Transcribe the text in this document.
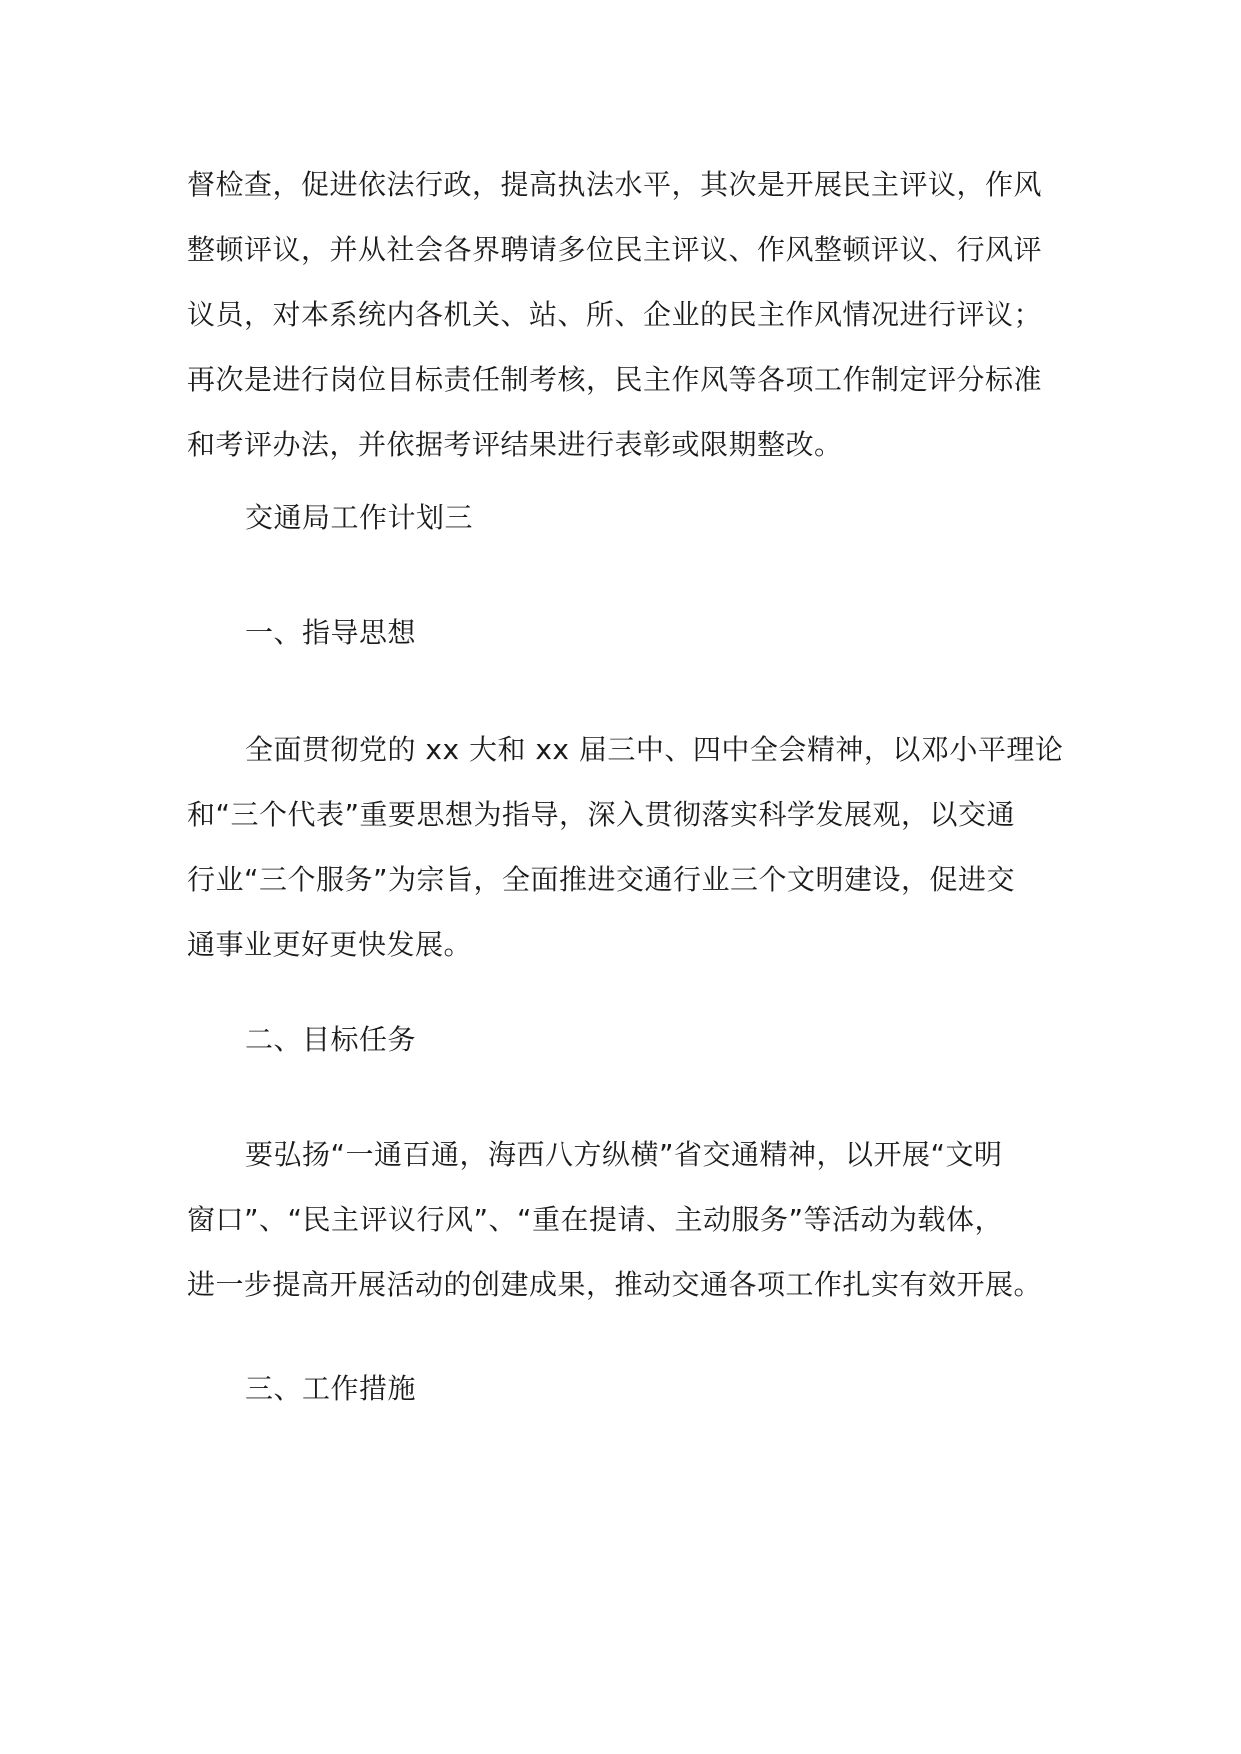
督检查，促进依法行政，提高执法水平，其次是开展民主评议，作风
整顿评议，并从社会各界聘请多位民主评议、作风整顿评议、行风评
议员，对本系统内各机关、站、所、企业的民主作风情况进行评议；
再次是进行岗位目标责任制考核，民主作风等各项工作制定评分标准
和考评办法，并依据考评结果进行表彰或限期整改。
交通局工作计划三
一、指导思想
全面贯彻党的 xx 大和 xx 届三中、四中全会精神，以邓小平理论
和“三个代表”重要思想为指导，深入贯彻落实科学发展观，以交通
行业“三个服务”为宗旨，全面推进交通行业三个文明建设，促进交
通事业更好更快发展。
二、目标任务
要弘扬“一通百通，海西八方纵横”省交通精神，以开展“文明
窗口”、“民主评议行风”、“重在提请、主动服务”等活动为载体，
进一步提高开展活动的创建成果，推动交通各项工作扎实有效开展。
三、工作措施
